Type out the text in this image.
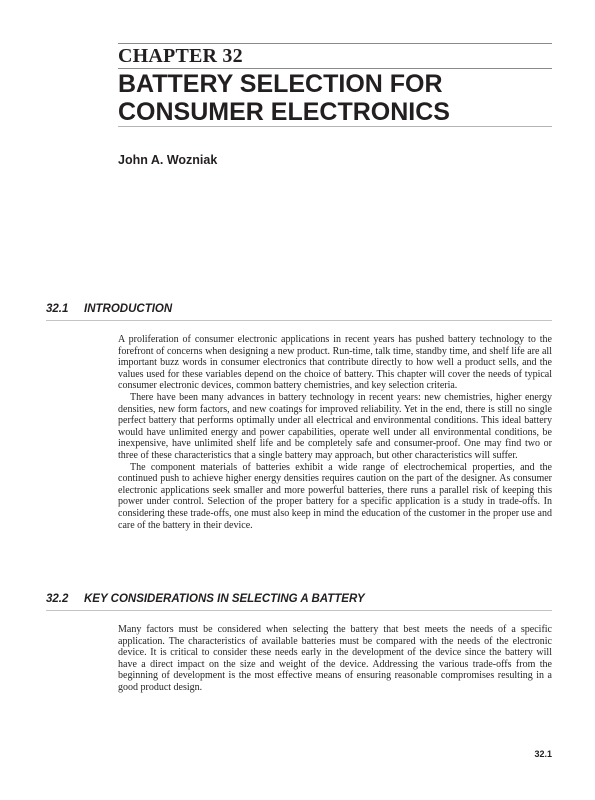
CHAPTER 32
BATTERY SELECTION FOR
CONSUMER ELECTRONICS

John A. Wozniak

32.1 INTRODUCTION

A proliferation of consumer electronic applications in recent years has pushed battery technology to the forefront of concerns when designing a new product. Run-time, talk time, standby time, and shelf life are all important buzz words in consumer electronics that contribute directly to how well a product sells, and the values used for these variables depend on the choice of battery. This chapter will cover the needs of typical consumer electronic devices, common battery chemistries, and key selection criteria.

There have been many advances in battery technology in recent years: new chemistries, higher energy densities, new form factors, and new coatings for improved reliability. Yet in the end, there is still no single perfect battery that performs optimally under all electrical and environmental conditions. This ideal battery would have unlimited energy and power capabilities, operate well under all environmental conditions, be inexpensive, have unlimited shelf life and be completely safe and consumer-proof. One may find two or three of these characteristics that a single battery may approach, but other characteristics will suffer.

The component materials of batteries exhibit a wide range of electrochemical properties, and the continued push to achieve higher energy densities requires caution on the part of the designer. As consumer electronic applications seek smaller and more powerful batteries, there runs a parallel risk of keeping this power under control. Selection of the proper battery for a specific application is a study in trade-offs. In considering these trade-offs, one must also keep in mind the education of the customer in the proper use and care of the battery in their device.

32.2 KEY CONSIDERATIONS IN SELECTING A BATTERY

Many factors must be considered when selecting the battery that best meets the needs of a specific application. The characteristics of available batteries must be compared with the needs of the electronic device. It is critical to consider these needs early in the development of the device since the battery will have a direct impact on the size and weight of the device. Addressing the various trade-offs from the beginning of development is the most effective means of ensuring reasonable compromises resulting in a good product design.

32.1
